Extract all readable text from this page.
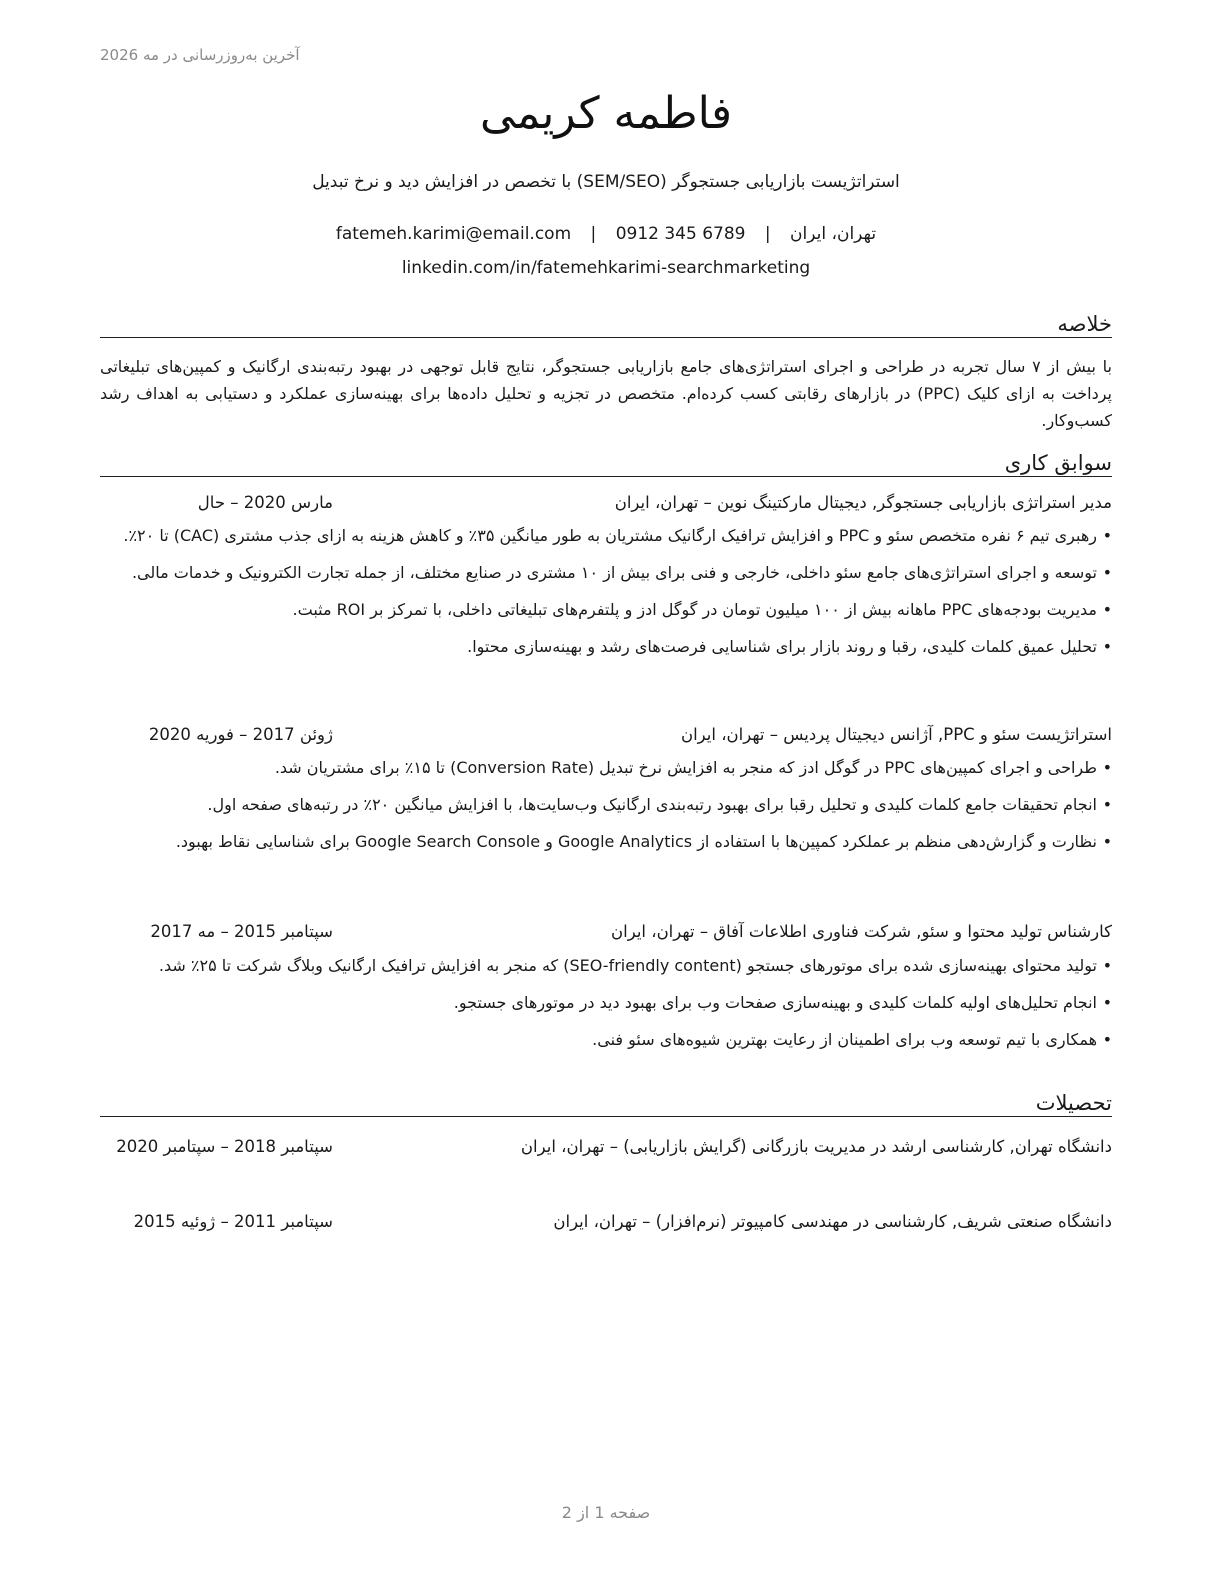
آخرین به‌روزرسانی در مه 2026
فاطمه کریمی
استراتژیست بازاریابی جستجوگر (SEM/SEO) با تخصص در افزایش دید و نرخ تبدیل
تهران، ایران | fatemeh.karimi@email.com | 0912 345 6789
linkedin.com/in/fatemehkarimi-searchmarketing
خلاصه
با بیش از ۷ سال تجربه در طراحی و اجرای استراتژی‌های جامع بازاریابی جستجوگر، نتایج قابل توجهی در بهبود رتبه‌بندی ارگانیک و کمپین‌های تبلیغاتی پرداخت به ازای کلیک (PPC) در بازارهای رقابتی کسب کرده‌ام. متخصص در تجزیه و تحلیل داده‌ها برای بهینه‌سازی عملکرد و دستیابی به اهداف رشد کسب‌وکار.
سوابق کاری
مدیر استراتژی بازاریابی جستجوگر, دیجیتال مارکتینگ نوین – تهران، ایران
مارس 2020 – حال
• رهبری تیم ۶ نفره متخصص سئو و PPC و افزایش ترافیک ارگانیک مشتریان به طور میانگین ۳۵٪ و کاهش هزینه به ازای جذب مشتری (CAC) تا ۲۰٪.
• توسعه و اجرای استراتژی‌های جامع سئو داخلی، خارجی و فنی برای بیش از ۱۰ مشتری در صنایع مختلف، از جمله تجارت الکترونیک و خدمات مالی.
• مدیریت بودجه‌های PPC ماهانه بیش از ۱۰۰ میلیون تومان در گوگل ادز و پلتفرم‌های تبلیغاتی داخلی، با تمرکز بر ROI مثبت.
• تحلیل عمیق کلمات کلیدی، رقبا و روند بازار برای شناسایی فرصت‌های رشد و بهینه‌سازی محتوا.
استراتژیست سئو و PPC, آژانس دیجیتال پردیس – تهران، ایران
ژوئن 2017 – فوریه 2020
• طراحی و اجرای کمپین‌های PPC در گوگل ادز که منجر به افزایش نرخ تبدیل (Conversion Rate) تا ۱۵٪ برای مشتریان شد.
• انجام تحقیقات جامع کلمات کلیدی و تحلیل رقبا برای بهبود رتبه‌بندی ارگانیک وب‌سایت‌ها، با افزایش میانگین ۲۰٪ در رتبه‌های صفحه اول.
• نظارت و گزارش‌دهی منظم بر عملکرد کمپین‌ها با استفاده از Google Analytics و Google Search Console برای شناسایی نقاط بهبود.
کارشناس تولید محتوا و سئو, شرکت فناوری اطلاعات آفاق – تهران، ایران
سپتامبر 2015 – مه 2017
• تولید محتوای بهینه‌سازی شده برای موتورهای جستجو (SEO-friendly content) که منجر به افزایش ترافیک ارگانیک وبلاگ شرکت تا ۲۵٪ شد.
• انجام تحلیل‌های اولیه کلمات کلیدی و بهینه‌سازی صفحات وب برای بهبود دید در موتورهای جستجو.
• همکاری با تیم توسعه وب برای اطمینان از رعایت بهترین شیوه‌های سئو فنی.
تحصیلات
دانشگاه تهران, کارشناسی ارشد در مدیریت بازرگانی (گرایش بازاریابی) – تهران، ایران
سپتامبر 2018 – سپتامبر 2020
دانشگاه صنعتی شریف, کارشناسی در مهندسی کامپیوتر (نرم‌افزار) – تهران، ایران
سپتامبر 2011 – ژوئیه 2015
صفحه 1 از 2
